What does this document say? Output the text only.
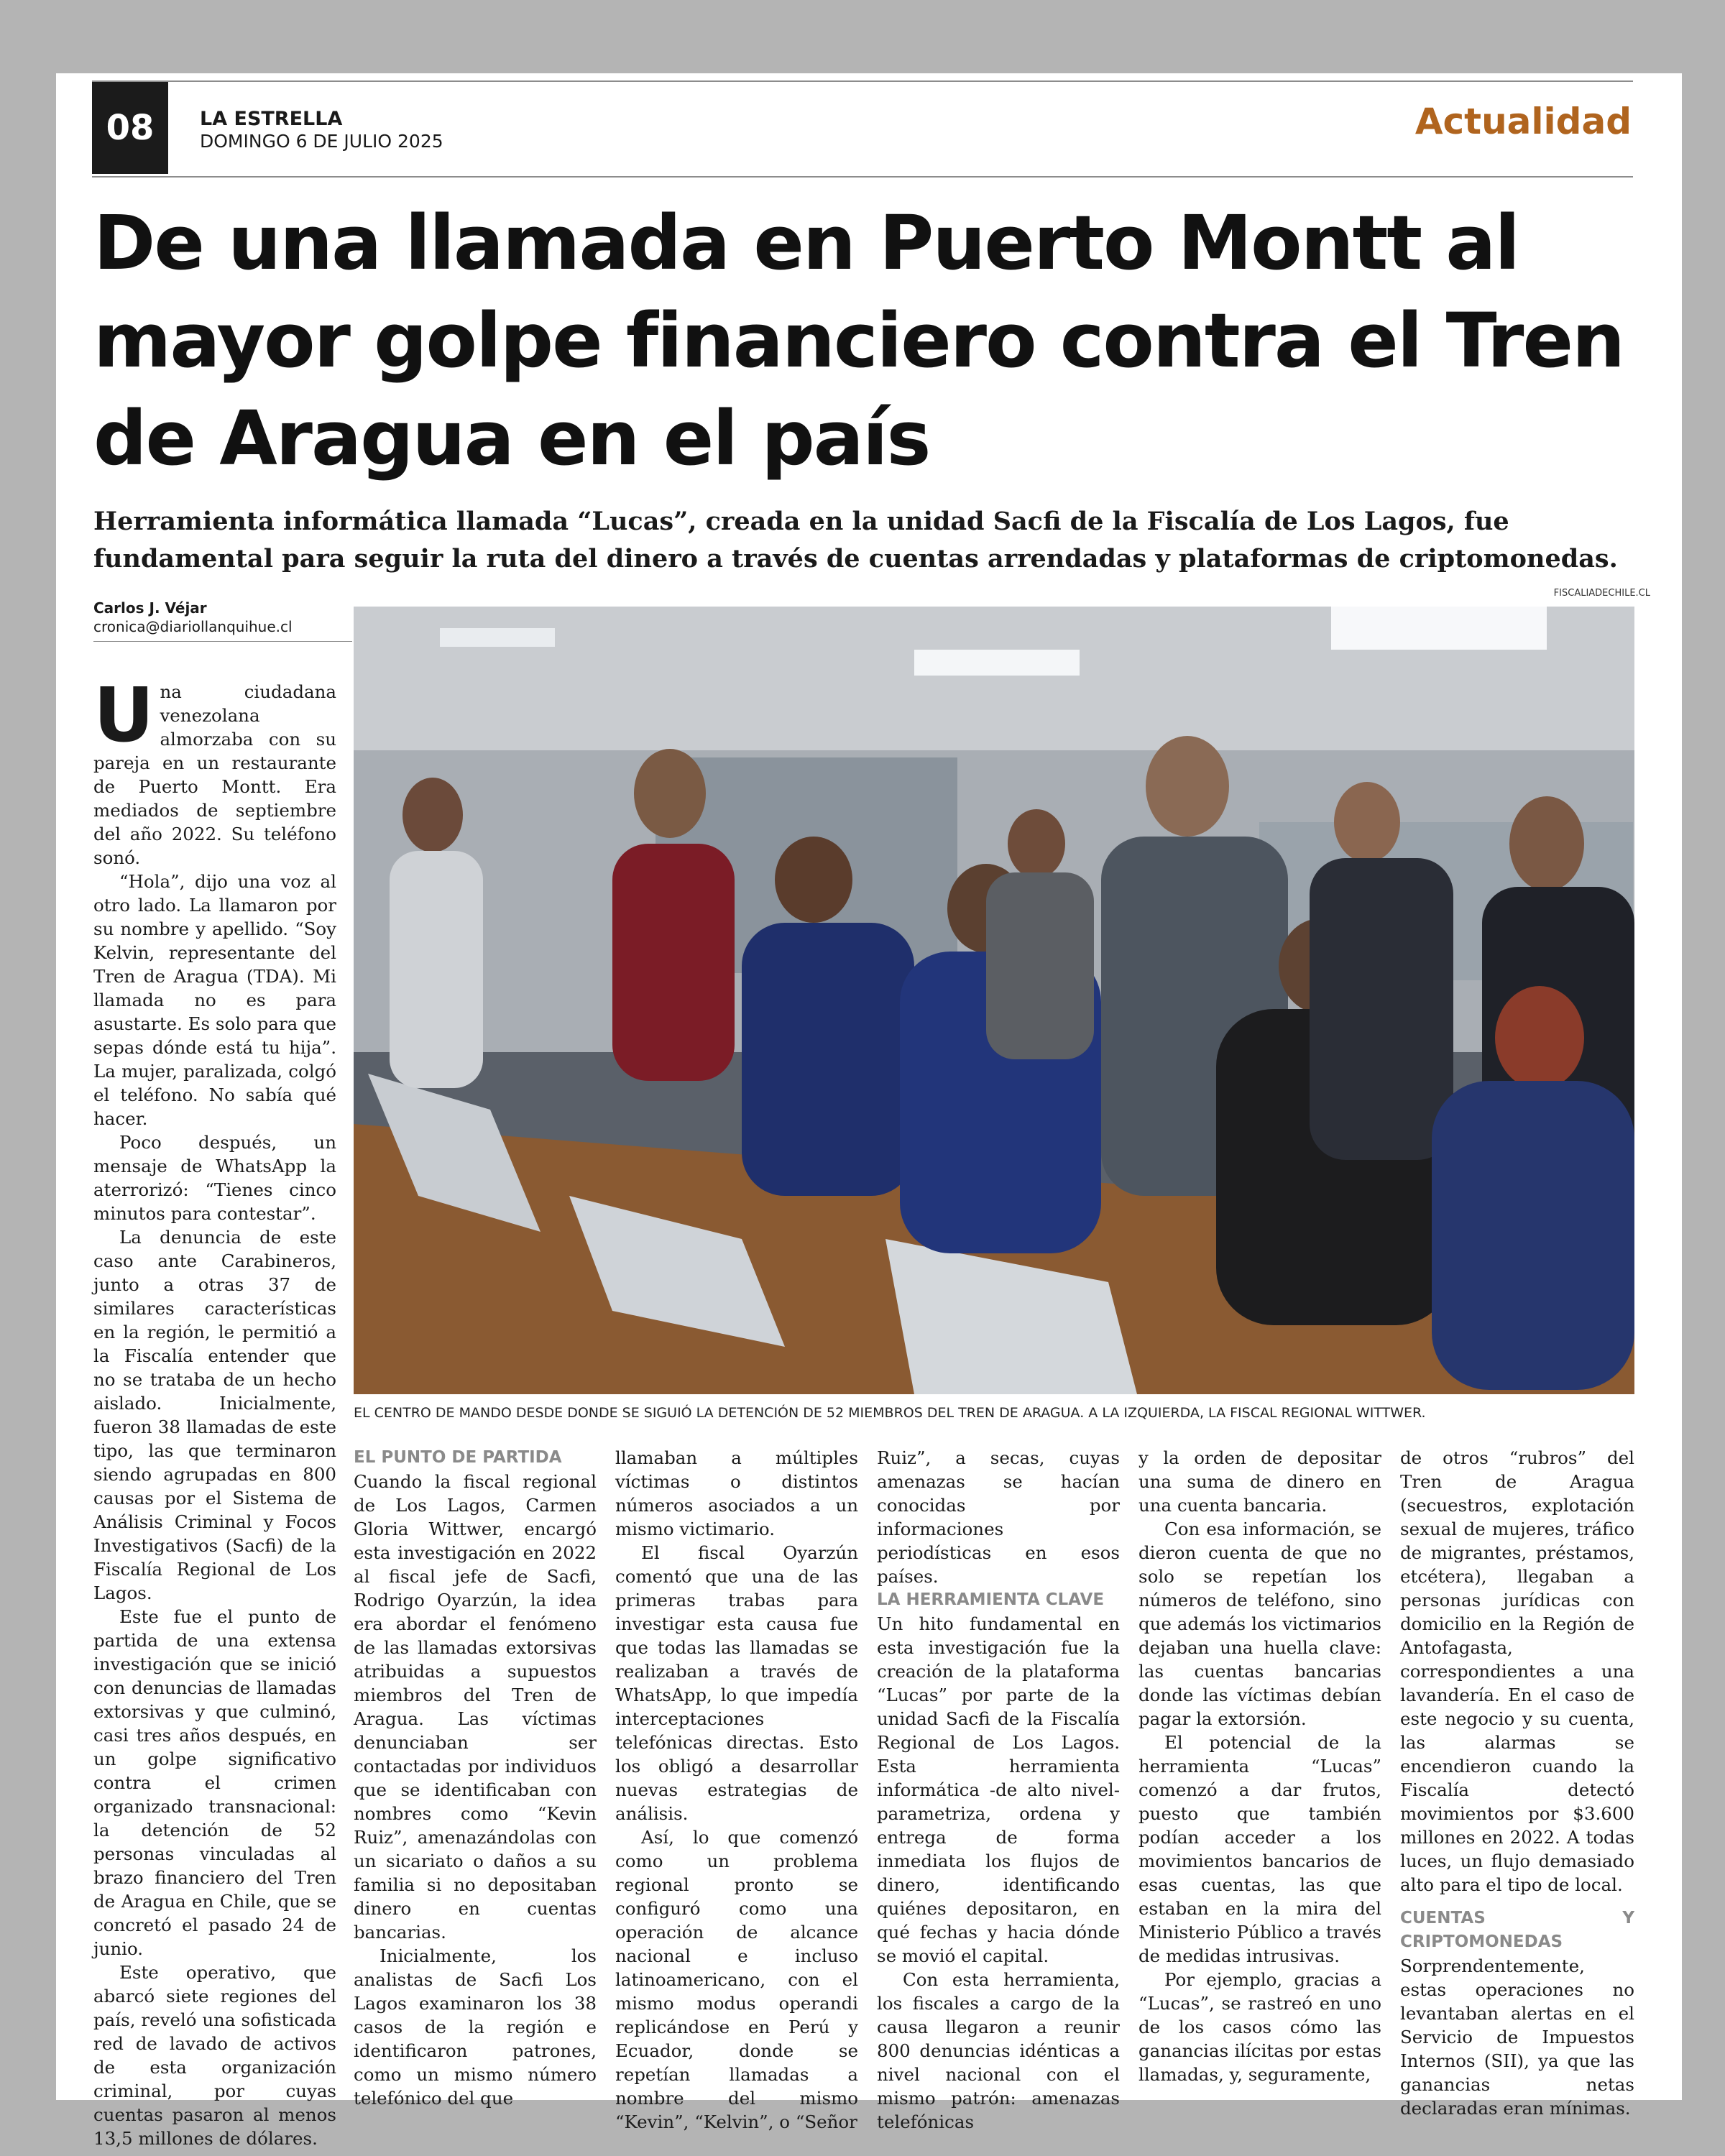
08	LA ESTRELLA
DOMINGO 6 DE JULIO 2025	Actualidad
De una llamada en Puerto Montt al mayor golpe financiero contra el Tren de Aragua en el país
Herramienta informática llamada “Lucas”, creada en la unidad Sacfi de la Fiscalía de Los Lagos, fue fundamental para seguir la ruta del dinero a través de cuentas arrendadas y plataformas de criptomonedas.
Carlos J. Véjar
cronica@diariollanquihue.cl
FISCALIADECHILE.CL
EL CENTRO DE MANDO DESDE DONDE SE SIGUIÓ LA DETENCIÓN DE 52 MIEMBROS DEL TREN DE ARAGUA. A LA IZQUIERDA, LA FISCAL REGIONAL WITTWER.

Una ciudadana venezolana almorzaba con su pareja en un restaurante de Puerto Montt. Era mediados de septiembre del año 2022. Su teléfono sonó.

“Hola”, dijo una voz al otro lado. La llamaron por su nombre y apellido. “Soy Kelvin, representante del Tren de Aragua (TDA). Mi llamada no es para asustarte. Es solo para que sepas dónde está tu hija”. La mujer, paralizada, colgó el teléfono. No sabía qué hacer.

Poco después, un mensaje de WhatsApp la aterrorizó: “Tienes cinco minutos para contestar”.

La denuncia de este caso ante Carabineros, junto a otras 37 de similares características en la región, le permitió a la Fiscalía entender que no se trataba de un hecho aislado. Inicialmente, fueron 38 llamadas de este tipo, las que terminaron siendo agrupadas en 800 causas por el Sistema de Análisis Criminal y Focos Investigativos (Sacfi) de la Fiscalía Regional de Los Lagos.

Este fue el punto de partida de una extensa investigación que se inició con denuncias de llamadas extorsivas y que culminó, casi tres años después, en un golpe significativo contra el crimen organizado transnacional: la detención de 52 personas vinculadas al brazo financiero del Tren de Aragua en Chile, que se concretó el pasado 24 de junio.

Este operativo, que abarcó siete regiones del país, reveló una sofisticada red de lavado de activos de esta organización criminal, por cuyas cuentas pasaron al menos 13,5 millones de dólares.

EL PUNTO DE PARTIDA

Cuando la fiscal regional de Los Lagos, Carmen Gloria Wittwer, encargó esta investigación en 2022 al fiscal jefe de Sacfi, Rodrigo Oyarzún, la idea era abordar el fenómeno de las llamadas extorsivas atribuidas a supuestos miembros del Tren de Aragua. Las víctimas denunciaban ser contactadas por individuos que se identificaban con nombres como “Kevin Ruiz”, amenazándolas con un sicariato o daños a su familia si no depositaban dinero en cuentas bancarias.

Inicialmente, los analistas de Sacfi Los Lagos examinaron los 38 casos de la región e identificaron patrones, como un mismo número telefónico del que

llamaban a múltiples víctimas o distintos números asociados a un mismo victimario.

El fiscal Oyarzún comentó que una de las primeras trabas para investigar esta causa fue que todas las llamadas se realizaban a través de WhatsApp, lo que impedía interceptaciones telefónicas directas. Esto los obligó a desarrollar nuevas estrategias de análisis.

Así, lo que comenzó como un problema regional pronto se configuró como una operación de alcance nacional e incluso latinoamericano, con el mismo modus operandi replicándose en Perú y Ecuador, donde se repetían llamadas a nombre del mismo “Kevin”, “Kelvin”, o “Señor

Ruiz”, a secas, cuyas amenazas se hacían conocidas por informaciones periodísticas en esos países.

LA HERRAMIENTA CLAVE

Un hito fundamental en esta investigación fue la creación de la plataforma “Lucas” por parte de la unidad Sacfi de la Fiscalía Regional de Los Lagos. Esta herramienta informática -de alto nivel- parametriza, ordena y entrega de forma inmediata los flujos de dinero, identificando quiénes depositaron, en qué fechas y hacia dónde se movió el capital.

Con esta herramienta, los fiscales a cargo de la causa llegaron a reunir 800 denuncias idénticas a nivel nacional con el mismo patrón: amenazas telefónicas

y la orden de depositar una suma de dinero en una cuenta bancaria.

Con esa información, se dieron cuenta de que no solo se repetían los números de teléfono, sino que además los victimarios dejaban una huella clave: las cuentas bancarias donde las víctimas debían pagar la extorsión.

El potencial de la herramienta “Lucas” comenzó a dar frutos, puesto que también podían acceder a los movimientos bancarios de esas cuentas, las que estaban en la mira del Ministerio Público a través de medidas intrusivas.

Por ejemplo, gracias a “Lucas”, se rastreó en uno de los casos cómo las ganancias ilícitas por estas llamadas, y, seguramente,

de otros “rubros” del Tren de Aragua (secuestros, explotación sexual de mujeres, tráfico de migrantes, préstamos, etcétera), llegaban a personas jurídicas con domicilio en la Región de Antofagasta, correspondientes a una lavandería. En el caso de este negocio y su cuenta, las alarmas se encendieron cuando la Fiscalía detectó movimientos por $3.600 millones en 2022. A todas luces, un flujo demasiado alto para el tipo de local.

CUENTAS Y CRIPTOMONEDAS

Sorprendentemente, estas operaciones no levantaban alertas en el Servicio de Impuestos Internos (SII), ya que las ganancias netas declaradas eran mínimas.
